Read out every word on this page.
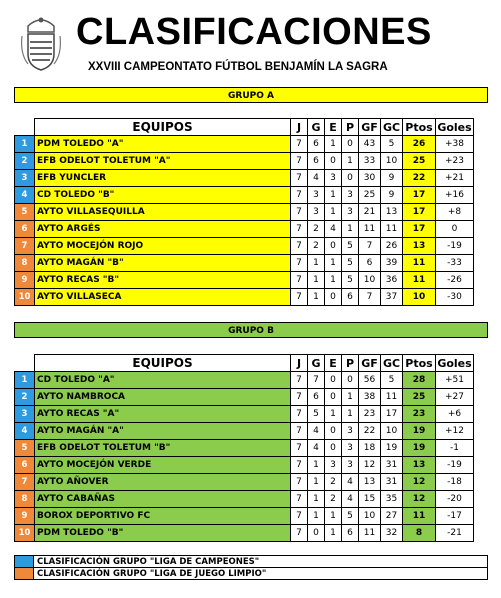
CLASIFICACIONES
XXVIII CAMPEONTATO FÚTBOL BENJAMÍN LA SAGRA
GRUPO A
	EQUIPOS	J	G	E	P	GF	GC	Ptos	Goles
1	PDM TOLEDO "A"	7	6	1	0	43	5	26	+38
2	EFB ODELOT TOLETUM "A"	7	6	0	1	33	10	25	+23
3	EFB YUNCLER	7	4	3	0	30	9	22	+21
4	CD TOLEDO "B"	7	3	1	3	25	9	17	+16
5	AYTO VILLASEQUILLA	7	3	1	3	21	13	17	+8
6	AYTO ARGÉS	7	2	4	1	11	11	17	0
7	AYTO MOCEJÓN ROJO	7	2	0	5	7	26	13	-19
8	AYTO MAGÁN "B"	7	1	1	5	6	39	11	-33
9	AYTO RECAS "B"	7	1	1	5	10	36	11	-26
10	AYTO VILLASECA	7	1	0	6	7	37	10	-30
GRUPO B
	EQUIPOS	J	G	E	P	GF	GC	Ptos	Goles
1	CD TOLEDO "A"	7	7	0	0	56	5	28	+51
2	AYTO NAMBROCA	7	6	0	1	38	11	25	+27
3	AYTO RECAS "A"	7	5	1	1	23	17	23	+6
4	AYTO MAGÁN "A"	7	4	0	3	22	10	19	+12
5	EFB ODELOT TOLETUM "B"	7	4	0	3	18	19	19	-1
6	AYTO MOCEJÓN VERDE	7	1	3	3	12	31	13	-19
7	AYTO AÑOVER	7	1	2	4	13	31	12	-18
8	AYTO CABAÑAS	7	1	2	4	15	35	12	-20
9	BOROX DEPORTIVO FC	7	1	1	5	10	27	11	-17
10	PDM TOLEDO "B"	7	0	1	6	11	32	8	-21
	CLASIFICACIÓN GRUPO "LIGA DE CAMPEONES"
	CLASIFICACIÓN GRUPO "LIGA DE JUEGO LIMPIO"
